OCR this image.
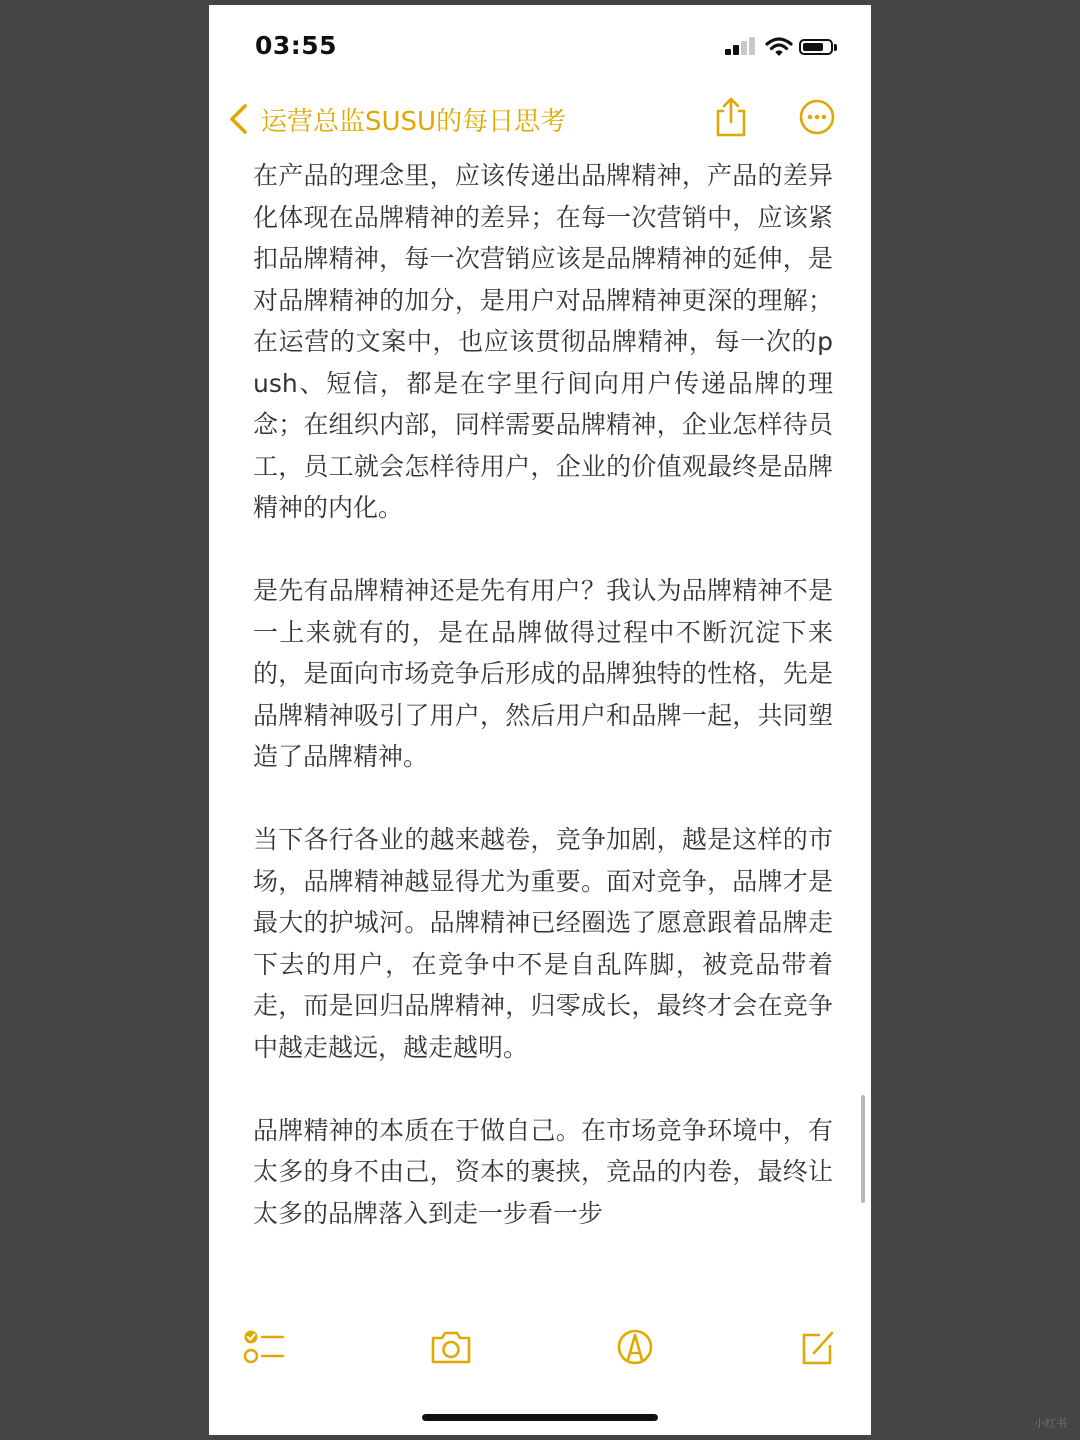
03:55
运营总监SUSU的每日思考

在产品的理念里，应该传递出品牌精神，产品的差异化体现在品牌精神的差异；在每一次营销中，应该紧扣品牌精神，每一次营销应该是品牌精神的延伸，是对品牌精神的加分，是用户对品牌精神更深的理解；在运营的文案中，也应该贯彻品牌精神，每一次的push、短信，都是在字里行间向用户传递品牌的理念；在组织内部，同样需要品牌精神，企业怎样待员工，员工就会怎样待用户，企业的价值观最终是品牌精神的内化。

是先有品牌精神还是先有用户？我认为品牌精神不是一上来就有的，是在品牌做得过程中不断沉淀下来的，是面向市场竞争后形成的品牌独特的性格，先是品牌精神吸引了用户，然后用户和品牌一起，共同塑造了品牌精神。

当下各行各业的越来越卷，竞争加剧，越是这样的市场，品牌精神越显得尤为重要。面对竞争，品牌才是最大的护城河。品牌精神已经圈选了愿意跟着品牌走下去的用户，在竞争中不是自乱阵脚，被竞品带着走，而是回归品牌精神，归零成长，最终才会在竞争中越走越远，越走越明。

品牌精神的本质在于做自己。在市场竞争环境中，有太多的身不由己，资本的裹挟，竞品的内卷，最终让太多的品牌落入到走一步看一步

小红书
